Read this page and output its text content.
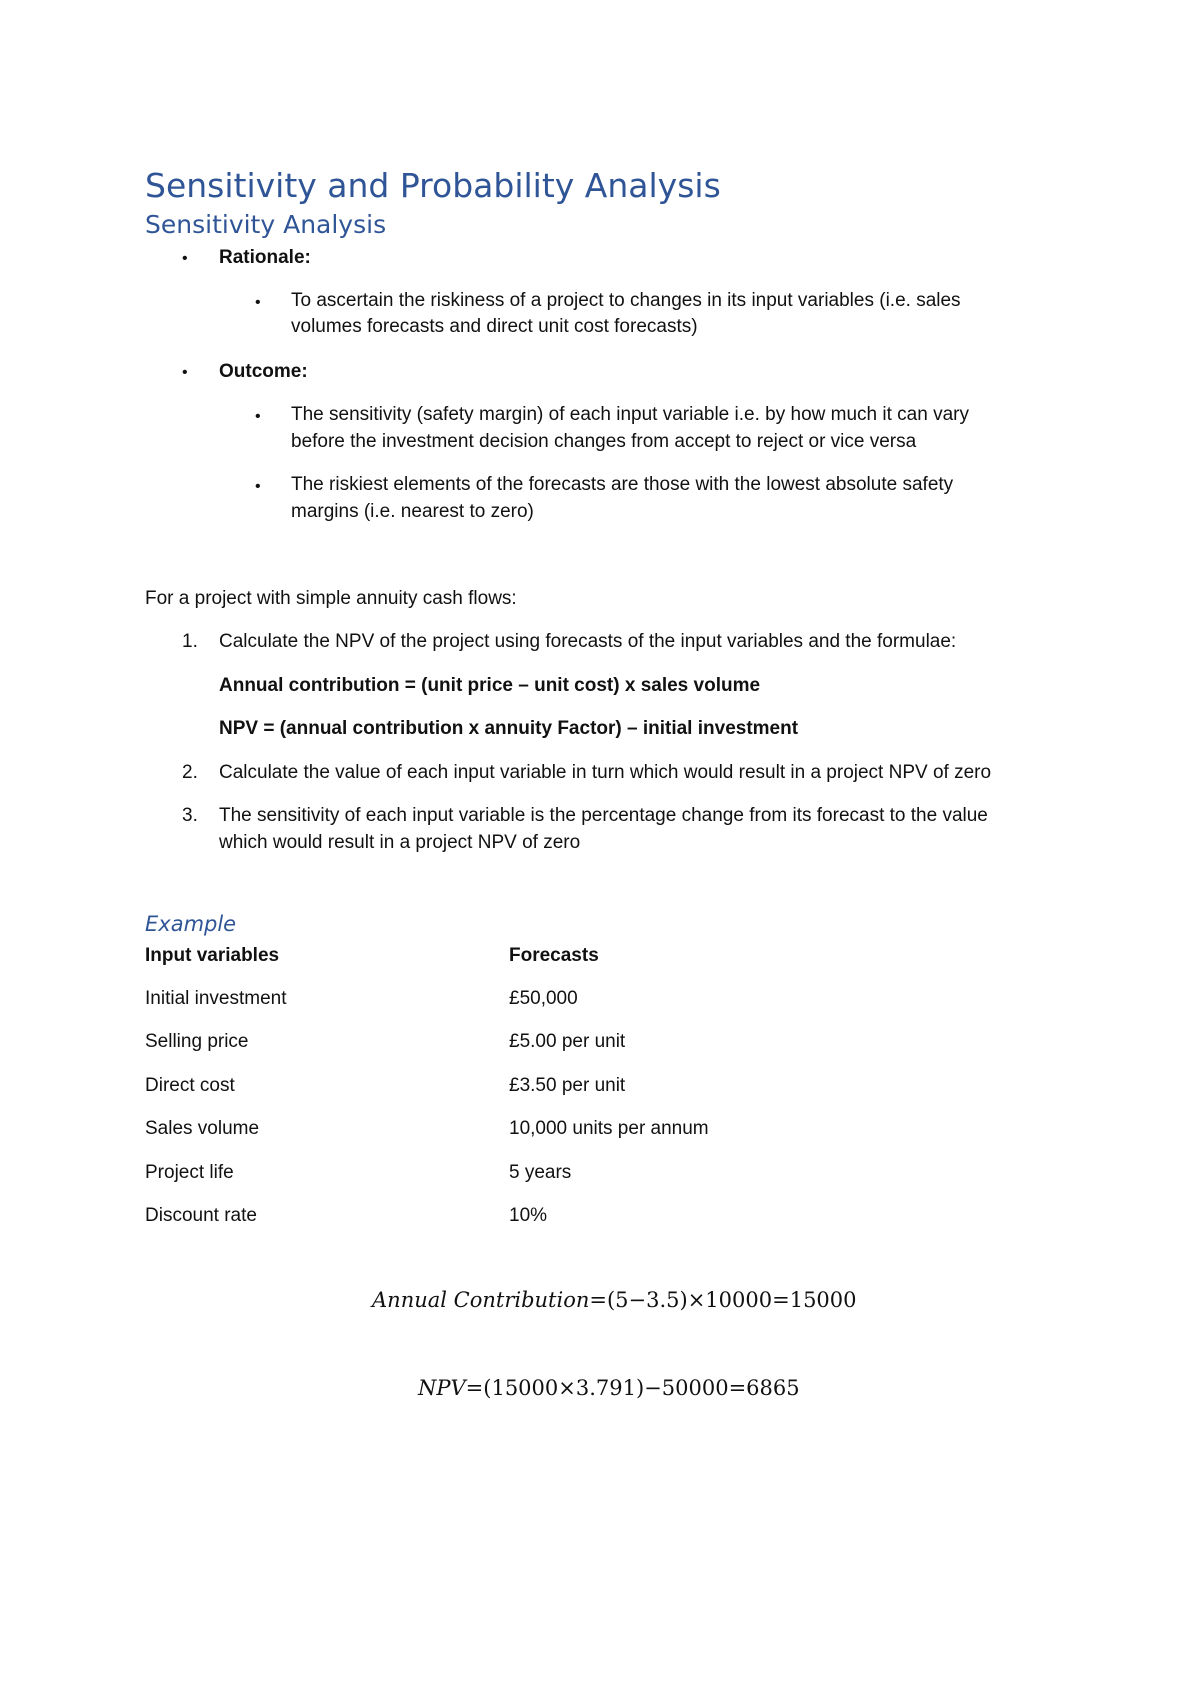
Sensitivity and Probability Analysis
Sensitivity Analysis
• Rationale:
• To ascertain the riskiness of a project to changes in its input variables (i.e. sales
volumes forecasts and direct unit cost forecasts)
• Outcome:
• The sensitivity (safety margin) of each input variable i.e. by how much it can vary
before the investment decision changes from accept to reject or vice versa
• The riskiest elements of the forecasts are those with the lowest absolute safety
margins (i.e. nearest to zero)
For a project with simple annuity cash flows:
1. Calculate the NPV of the project using forecasts of the input variables and the formulae:
Annual contribution = (unit price – unit cost) x sales volume
NPV = (annual contribution x annuity Factor) – initial investment
2. Calculate the value of each input variable in turn which would result in a project NPV of zero
3. The sensitivity of each input variable is the percentage change from its forecast to the value
which would result in a project NPV of zero
Example
Input variables	Forecasts
Initial investment	£50,000
Selling price	£5.00 per unit
Direct cost	£3.50 per unit
Sales volume	10,000 units per annum
Project life	5 years
Discount rate	10%
Annual Contribution=(5−3.5)×10000=15000
NPV=(15000×3.791)−50000=6865
